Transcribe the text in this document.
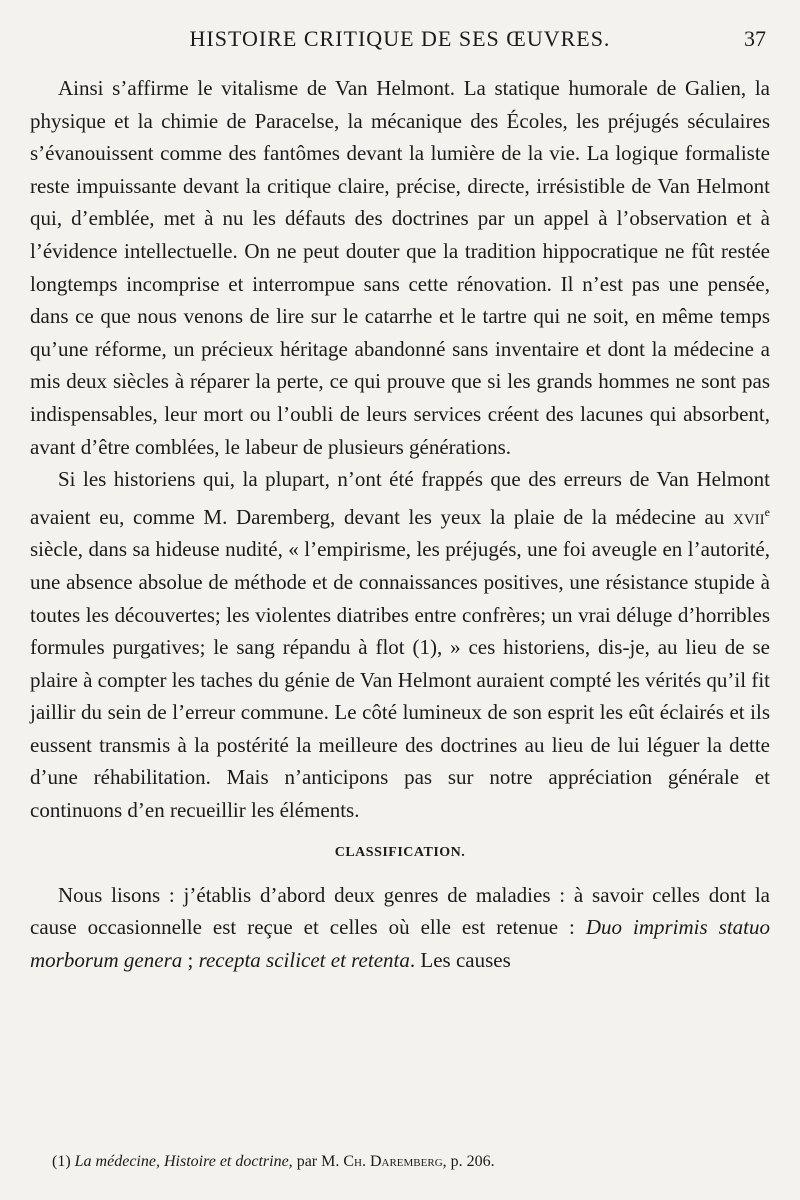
HISTOIRE CRITIQUE DE SES ŒUVRES.	37

Ainsi s’affirme le vitalisme de Van Helmont. La statique humorale de Galien, la physique et la chimie de Paracelse, la mécanique des Écoles, les préjugés séculaires s’évanouissent comme des fantômes devant la lumière de la vie. La logique formaliste reste impuissante devant la critique claire, précise, directe, irrésistible de Van Helmont qui, d’emblée, met à nu les défauts des doctrines par un appel à l’observation et à l’évidence intellectuelle. On ne peut douter que la tradition hippocratique ne fût restée longtemps incomprise et interrompue sans cette rénovation. Il n’est pas une pensée, dans ce que nous venons de lire sur le catarrhe et le tartre qui ne soit, en même temps qu’une réforme, un précieux héritage abandonné sans inventaire et dont la médecine a mis deux siècles à réparer la perte, ce qui prouve que si les grands hommes ne sont pas indispensables, leur mort ou l’oubli de leurs services créent des lacunes qui absorbent, avant d’être comblées, le labeur de plusieurs générations.

Si les historiens qui, la plupart, n’ont été frappés que des erreurs de Van Helmont avaient eu, comme M. Daremberg, devant les yeux la plaie de la médecine au xvii$^e$ siècle, dans sa hideuse nudité, « l’empirisme, les préjugés, une foi aveugle en l’autorité, une absence absolue de méthode et de connaissances positives, une résistance stupide à toutes les découvertes; les violentes diatribes entre confrères; un vrai déluge d’horribles formules purgatives; le sang répandu à flot (1), » ces historiens, dis-je, au lieu de se plaire à compter les taches du génie de Van Helmont auraient compté les vérités qu’il fit jaillir du sein de l’erreur commune. Le côté lumineux de son esprit les eût éclairés et ils eussent transmis à la postérité la meilleure des doctrines au lieu de lui léguer la dette d’une réhabilitation. Mais n’anticipons pas sur notre appréciation générale et continuons d’en recueillir les éléments.

CLASSIFICATION.

Nous lisons : j’établis d’abord deux genres de maladies : à savoir celles dont la cause occasionnelle est reçue et celles où elle est retenue : Duo imprimis statuo morborum genera ; recepta scilicet et retenta. Les causes

(1) La médecine, Histoire et doctrine, par M. Ch. Daremberg, p. 206.
